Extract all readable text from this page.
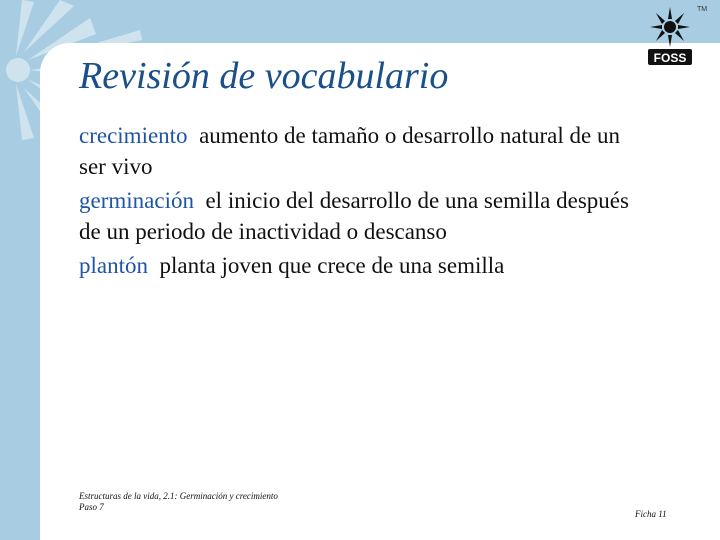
FOSS
TM
Revisión de vocabulario

crecimiento aumento de tamaño o desarrollo natural de un ser vivo

germinación el inicio del desarrollo de una semilla después de un periodo de inactividad o descanso

plantón planta joven que crece de una semilla

Estructuras de la vida, 2.1: Germinación y crecimiento
Paso 7
Ficha 11
